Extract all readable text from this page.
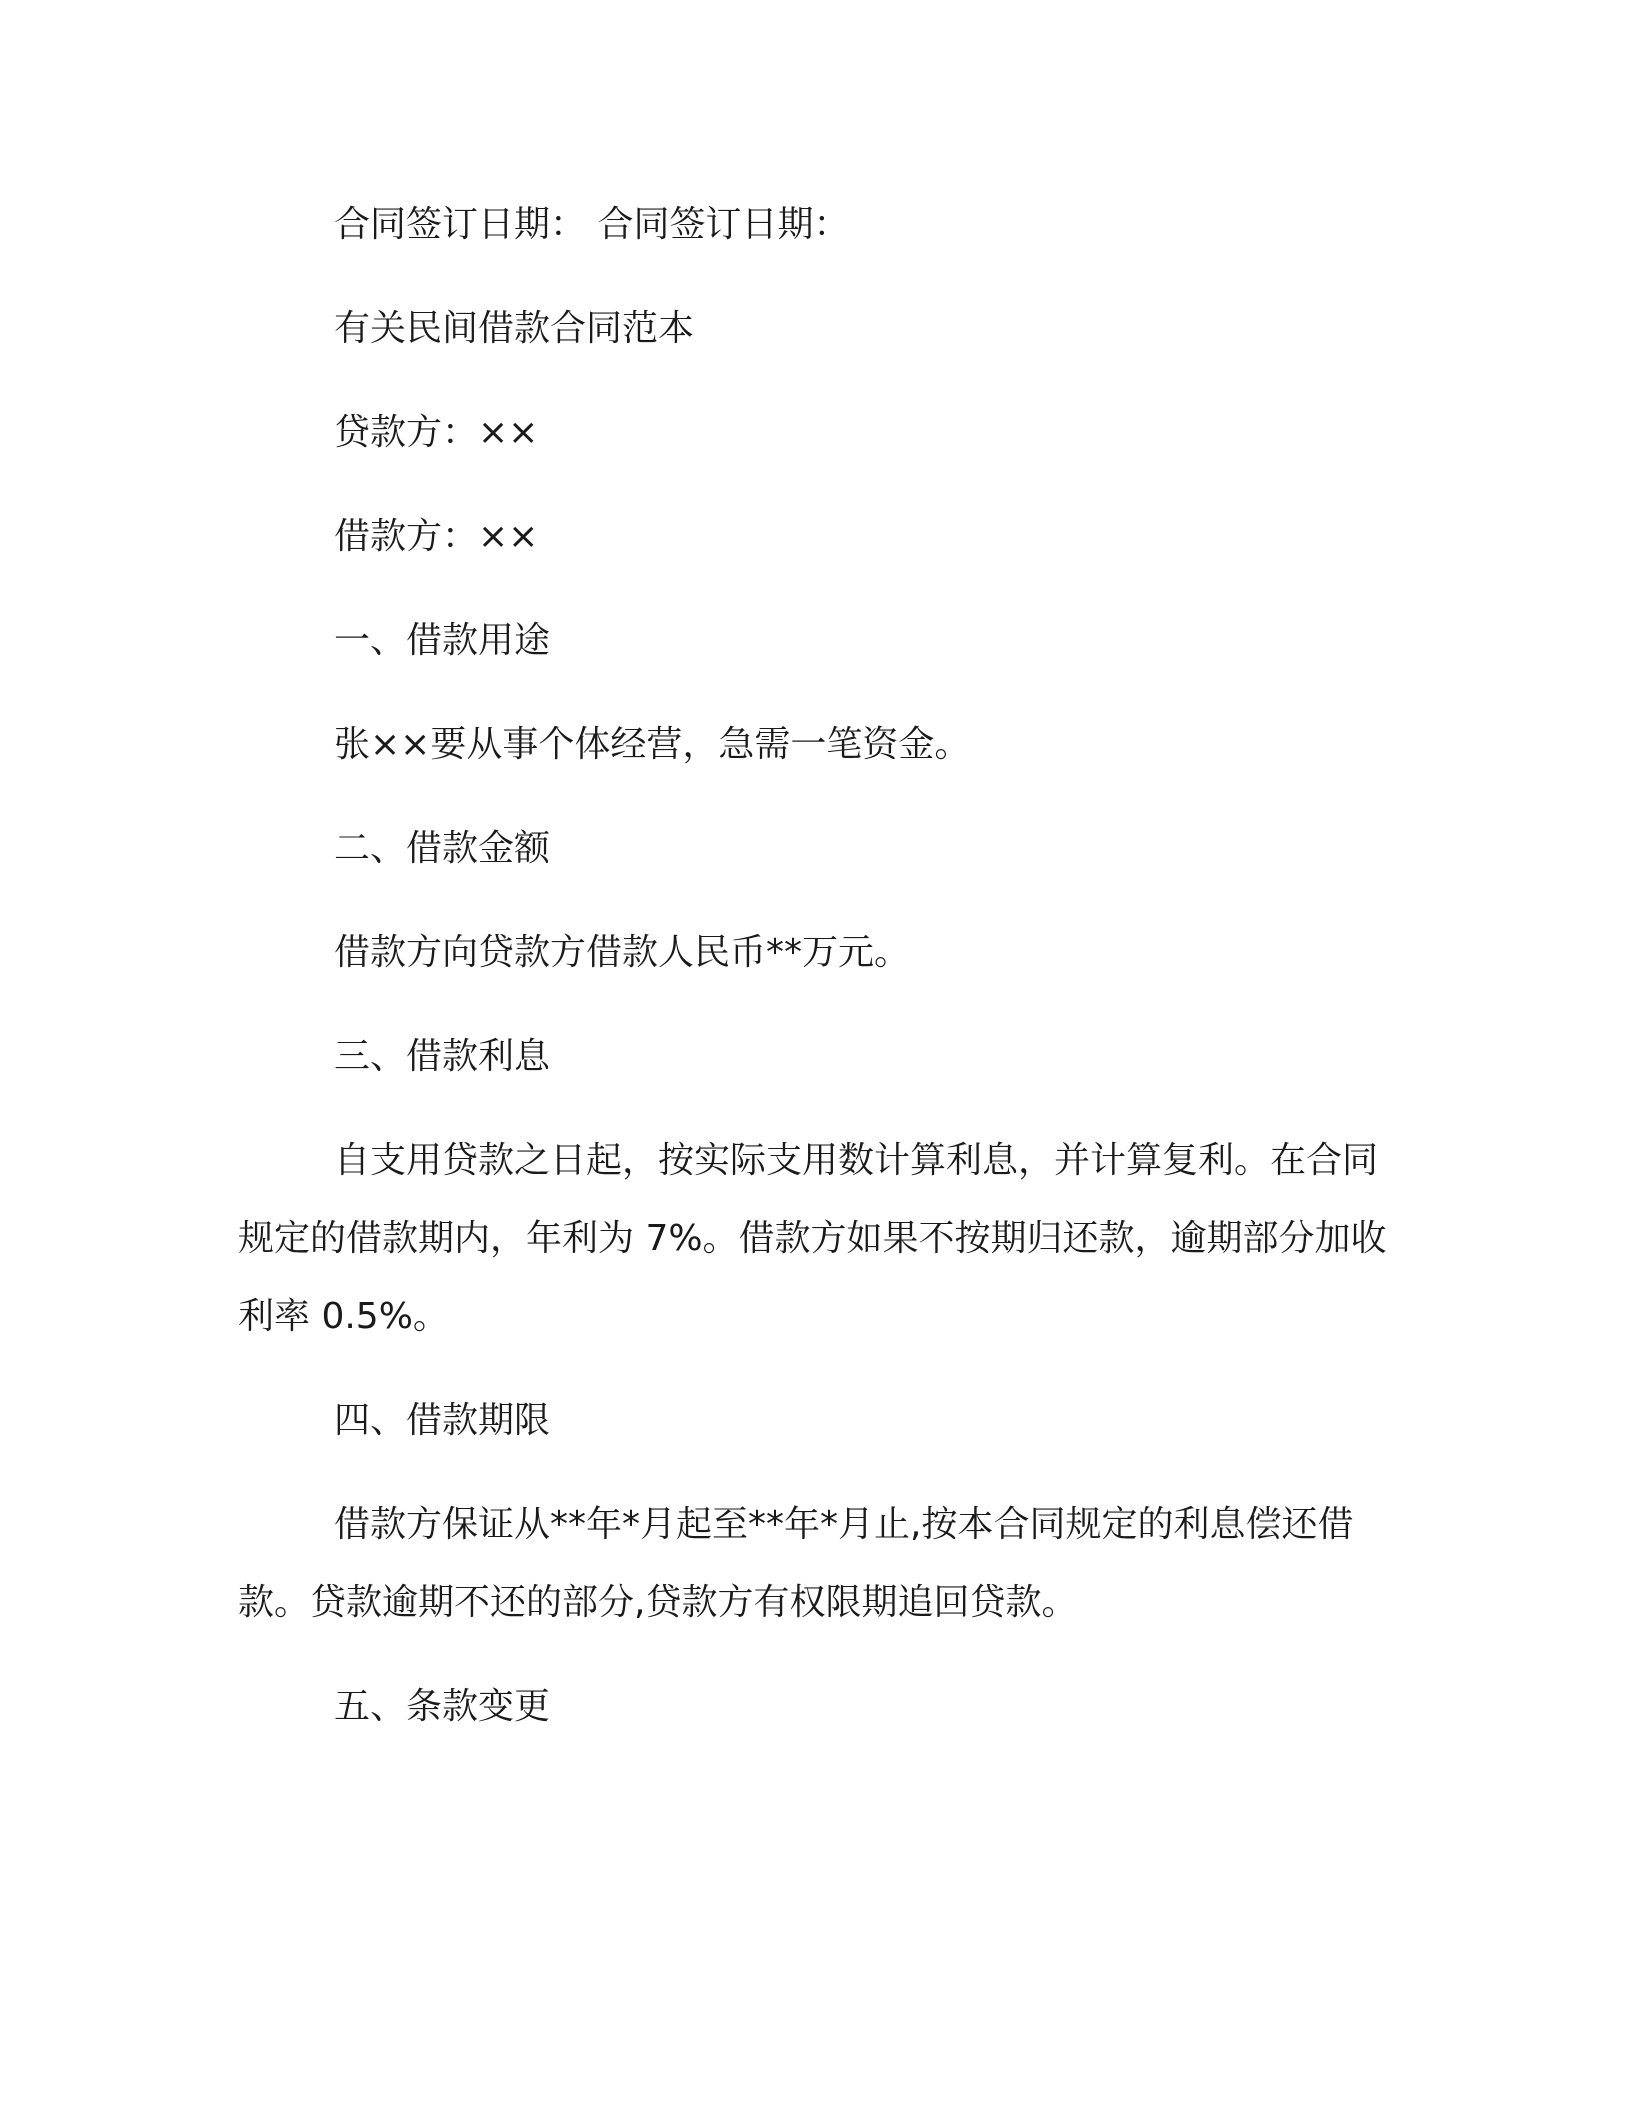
合同签订日期： 合同签订日期：

有关民间借款合同范本

贷款方：××

借款方：××

一、借款用途

张××要从事个体经营，急需一笔资金。

二、借款金额

借款方向贷款方借款人民币**万元。

三、借款利息

自支用贷款之日起，按实际支用数计算利息，并计算复利。在合同规定的借款期内，年利为 7%。借款方如果不按期归还款，逾期部分加收利率 0.5%。

四、借款期限

借款方保证从**年*月起至**年*月止,按本合同规定的利息偿还借款。贷款逾期不还的部分,贷款方有权限期追回贷款。

五、条款变更
